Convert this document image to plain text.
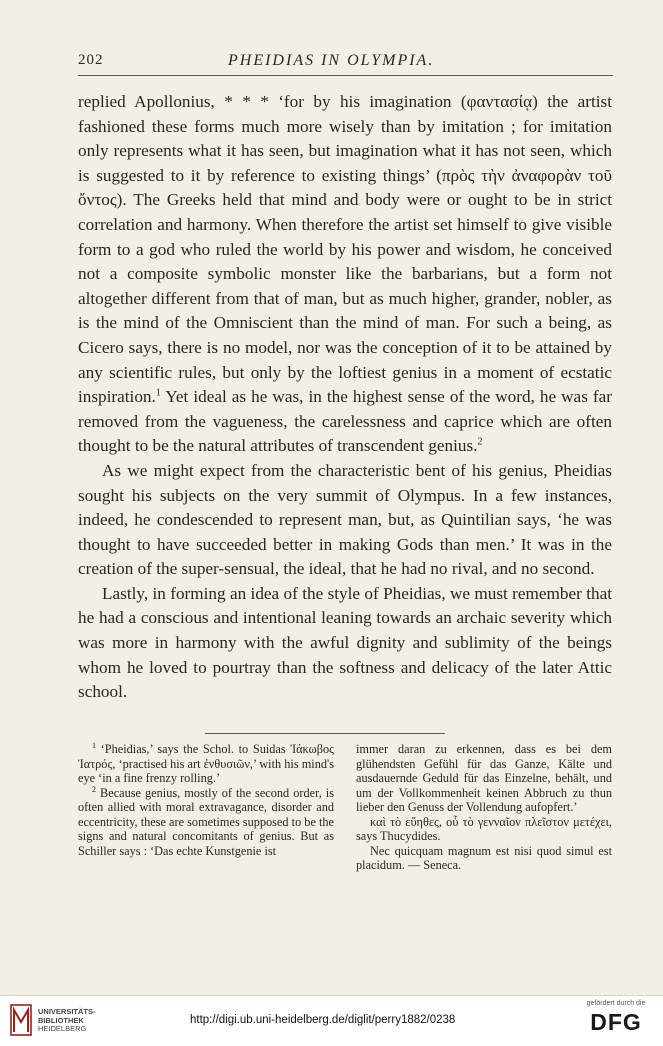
202	PHEIDIAS IN OLYMPIA.

replied Apollonius, * * * ‘for by his imagination (φαντασίᾳ) the artist fashioned these forms much more wisely than by imitation ; for imitation only represents what it has seen, but imagination what it has not seen, which is suggested to it by reference to existing things’ (πρὸς τὴν ἀναφορὰν τοῦ ὄντος). The Greeks held that mind and body were or ought to be in strict correlation and harmony. When therefore the artist set himself to give visible form to a god who ruled the world by his power and wisdom, he conceived not a composite symbolic monster like the barbarians, but a form not altogether different from that of man, but as much higher, grander, nobler, as is the mind of the Omniscient than the mind of man. For such a being, as Cicero says, there is no model, nor was the conception of it to be attained by any scientific rules, but only by the loftiest genius in a moment of ecstatic inspiration.$^1$ Yet ideal as he was, in the highest sense of the word, he was far removed from the vagueness, the carelessness and caprice which are often thought to be the natural attributes of transcendent genius.$^2$

As we might expect from the characteristic bent of his genius, Pheidias sought his subjects on the very summit of Olympus. In a few instances, indeed, he condescended to represent man, but, as Quintilian says, ‘he was thought to have succeeded better in making Gods than men.’ It was in the creation of the super-sensual, the ideal, that he had no rival, and no second.

Lastly, in forming an idea of the style of Pheidias, we must remember that he had a conscious and intentional leaning towards an archaic severity which was more in harmony with the awful dignity and sublimity of the beings whom he loved to pourtray than the softness and delicacy of the later Attic school.

$^1$ ‘Pheidias,’ says the Schol. to Suidas Ἰάκωβος Ἰατρός, ‘practised his art ἐνθυσιῶν,’ with his mind's eye ‘in a fine frenzy rolling.’

$^2$ Because genius, mostly of the second order, is often allied with moral extravagance, disorder and eccentricity, these are sometimes supposed to be the signs and natural concomitants of genius. But as Schiller says : ‘Das echte Kunstgenie ist

immer daran zu erkennen, dass es bei dem glühendsten Gefühl für das Ganze, Kälte und ausdauernde Geduld für das Einzelne, behält, und um der Vollkommenheit keinen Abbruch zu thun lieber den Genuss der Vollendung aufopfert.’

καὶ τὸ εὔηθες, οὗ τὸ γενναῖον πλεῖστον μετέχει, says Thucydides.

Nec quicquam magnum est nisi quod simul est placidum. — Seneca.

UNIVERSITÄTS-
BIBLIOTHEK
HEIDELBERG
http://digi.ub.uni-heidelberg.de/diglit/perry1882/0238
gefördert durch die
DFG
